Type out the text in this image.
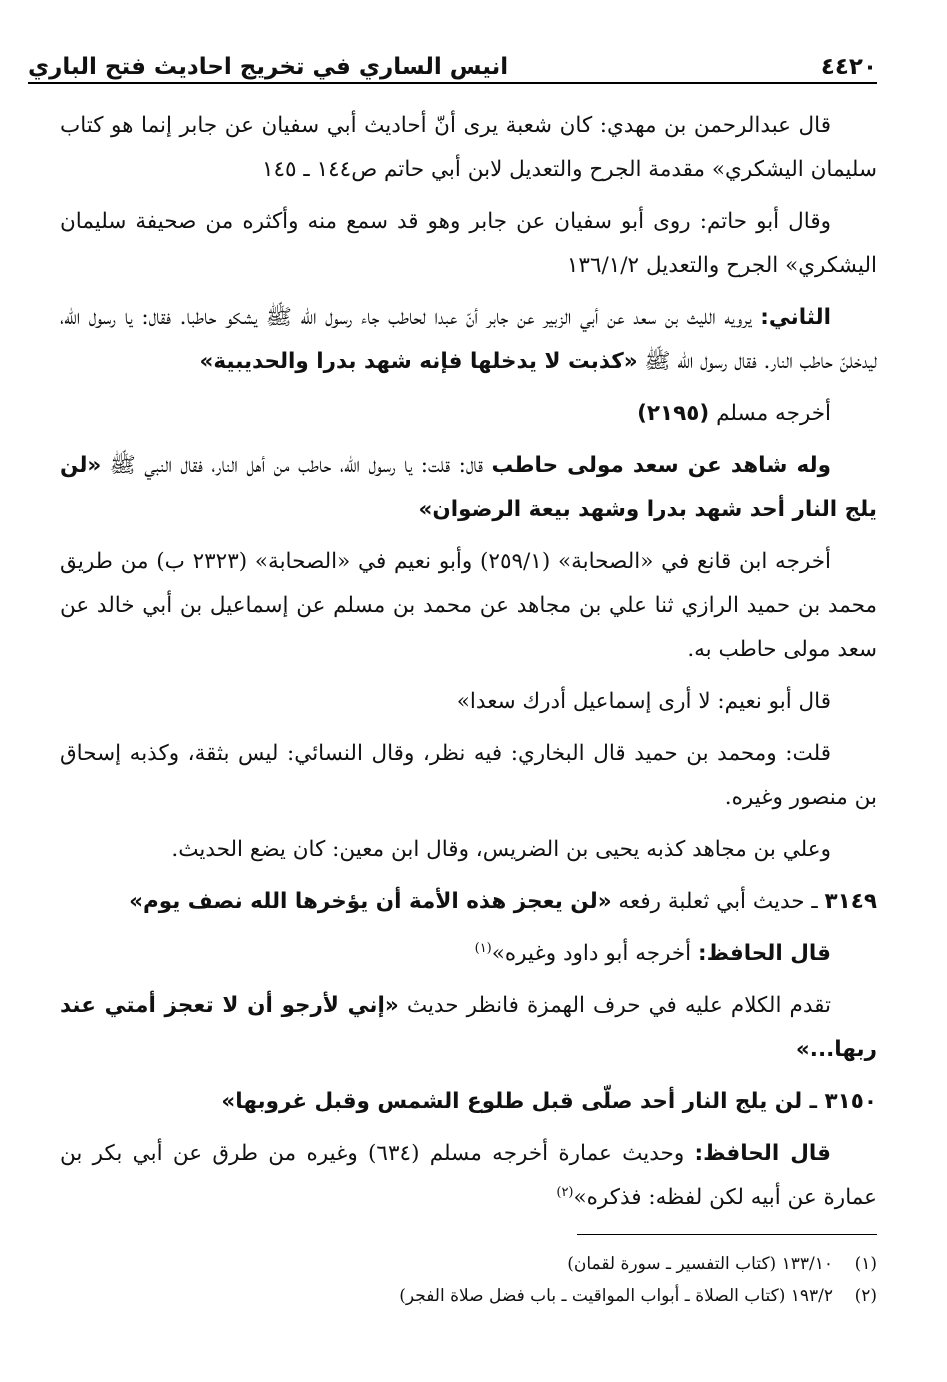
٤٤٢٠
انيس الساري في تخريج احاديث فتح الباري

قال عبدالرحمن بن مهدي: كان شعبة يرى أنّ أحاديث أبي سفيان عن جابر إنما هو كتاب سليمان اليشكري» مقدمة الجرح والتعديل لابن أبي حاتم ص١٤٤ ـ ١٤٥

وقال أبو حاتم: روى أبو سفيان عن جابر وهو قد سمع منه وأكثره من صحيفة سليمان اليشكري» الجرح والتعديل ١٣٦/١/٢

الثاني: يرويه الليث بن سعد عن أبي الزبير عن جابر أنّ عبدا لحاطب جاء رسول الله ﷺ يشكو حاطبا. فقال: يا رسول الله، ليدخلنّ حاطب النار. فقال رسول الله ﷺ «كذبت لا يدخلها فإنه شهد بدرا والحديبية»

أخرجه مسلم (٢١٩٥)

وله شاهد عن سعد مولى حاطب قال: قلت: يا رسول الله، حاطب من أهل النار، فقال النبي ﷺ «لن يلج النار أحد شهد بدرا وشهد بيعة الرضوان»

أخرجه ابن قانع في «الصحابة» (٢٥٩/١) وأبو نعيم في «الصحابة» (٢٣٢٣ ب) من طريق محمد بن حميد الرازي ثنا علي بن مجاهد عن محمد بن مسلم عن إسماعيل بن أبي خالد عن سعد مولى حاطب به.

قال أبو نعيم: لا أرى إسماعيل أدرك سعدا»

قلت: ومحمد بن حميد قال البخاري: فيه نظر، وقال النسائي: ليس بثقة، وكذبه إسحاق بن منصور وغيره.

وعلي بن مجاهد كذبه يحيى بن الضريس، وقال ابن معين: كان يضع الحديث.

٣١٤٩ ـ حديث أبي ثعلبة رفعه «لن يعجز هذه الأمة أن يؤخرها الله نصف يوم»

قال الحافظ: أخرجه أبو داود وغيره»$^{(١)}$

تقدم الكلام عليه في حرف الهمزة فانظر حديث «إني لأرجو أن لا تعجز أمتي عند ربها...»

٣١٥٠ ـ لن يلج النار أحد صلّى قبل طلوع الشمس وقبل غروبها»

قال الحافظ: وحديث عمارة أخرجه مسلم (٦٣٤) وغيره من طرق عن أبي بكر بن عمارة عن أبيه لكن لفظه: فذكره»$^{(٢)}$

(١)١٣٣/١٠ (كتاب التفسير ـ سورة لقمان)
(٢)١٩٣/٢ (كتاب الصلاة ـ أبواب المواقيت ـ باب فضل صلاة الفجر)
